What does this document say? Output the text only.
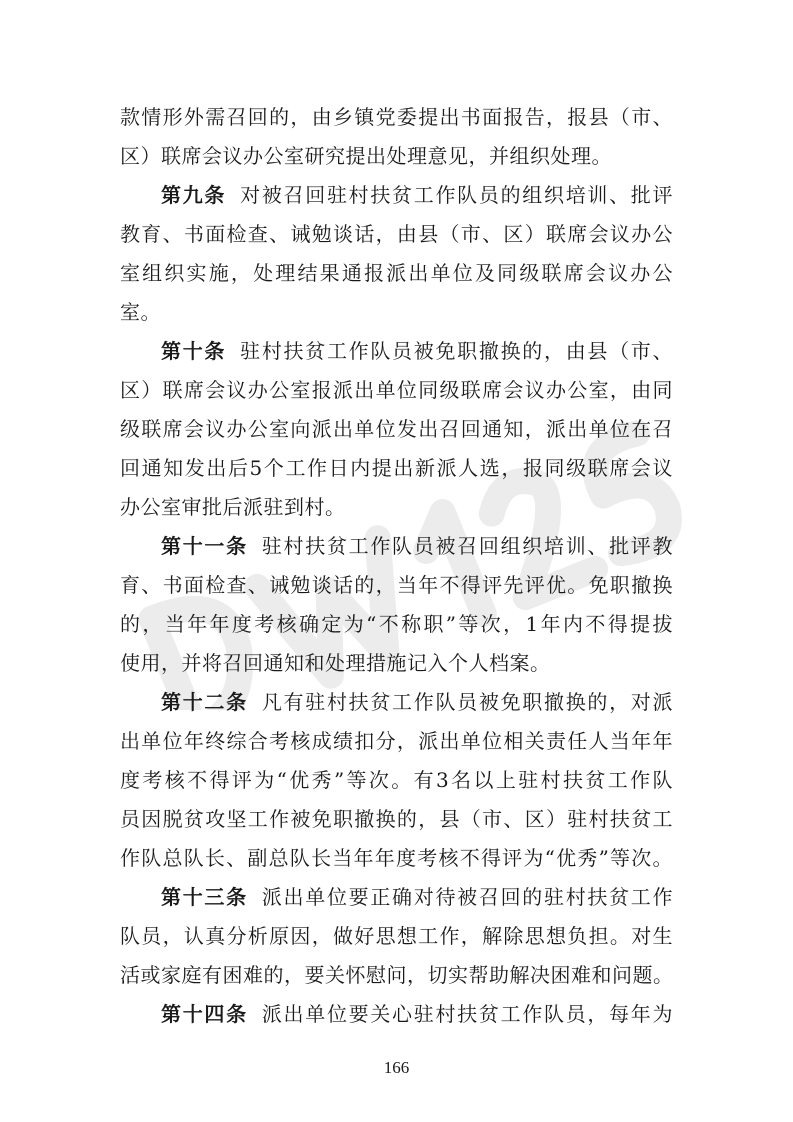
款情形外需召回的，由乡镇党委提出书面报告，报县（市、
区）联席会议办公室研究提出处理意见，并组织处理。
第九条 对被召回驻村扶贫工作队员的组织培训、批评
教育、书面检查、诫勉谈话，由县（市、区）联席会议办公
室组织实施，处理结果通报派出单位及同级联席会议办公
室。
第十条 驻村扶贫工作队员被免职撤换的，由县（市、
区）联席会议办公室报派出单位同级联席会议办公室，由同
级联席会议办公室向派出单位发出召回通知，派出单位在召
回通知发出后5个工作日内提出新派人选，报同级联席会议
办公室审批后派驻到村。
第十一条 驻村扶贫工作队员被召回组织培训、批评教
育、书面检查、诫勉谈话的，当年不得评先评优。免职撤换
的，当年年度考核确定为“不称职”等次，1年内不得提拔
使用，并将召回通知和处理措施记入个人档案。
第十二条 凡有驻村扶贫工作队员被免职撤换的，对派
出单位年终综合考核成绩扣分，派出单位相关责任人当年年
度考核不得评为“优秀”等次。有3名以上驻村扶贫工作队
员因脱贫攻坚工作被免职撤换的，县（市、区）驻村扶贫工
作队总队长、副总队长当年年度考核不得评为“优秀”等次。
第十三条 派出单位要正确对待被召回的驻村扶贫工作
队员，认真分析原因，做好思想工作，解除思想负担。对生
活或家庭有困难的，要关怀慰问，切实帮助解决困难和问题。
第十四条 派出单位要关心驻村扶贫工作队员，每年为
166
